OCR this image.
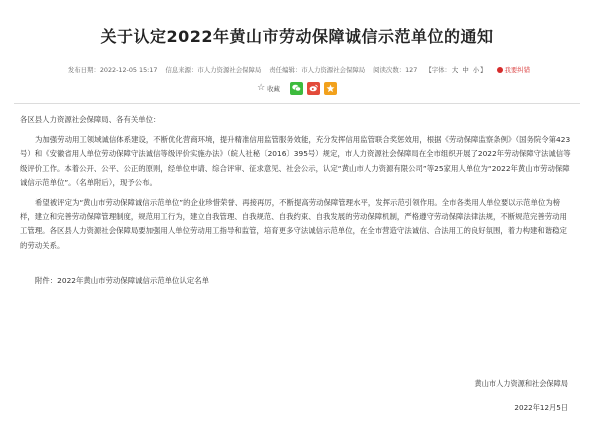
关于认定2022年黄山市劳动保障诚信示范单位的通知
发布日期：2022-12-05 15:17 信息来源：市人力资源社会保障局 责任编辑：市人力资源社会保障局 阅读次数：127 【字体：大 中 小】	我要纠错
☆ 收藏

各区县人力资源社会保障局、各有关单位：

为加强劳动用工领域诚信体系建设，不断优化营商环境，提升精准信用监管服务效能，充分发挥信用监管联合奖惩效用，根据《劳动保障监察条例》（国务院令第423号）和《安徽省用人单位劳动保障守法诚信等级评价实施办法》（皖人社秘〔2016〕395号）规定，市人力资源社会保障局在全市组织开展了2022年劳动保障守法诚信等级评价工作。本着公开、公平、公正的原则，经单位申请、综合评审、征求意见、社会公示，认定“黄山市人力资源有限公司”等25家用人单位为“2022年黄山市劳动保障诚信示范单位”。（名单附后），现予公布。

希望被评定为“黄山市劳动保障诚信示范单位”的企业珍惜荣誉、再接再厉，不断提高劳动保障管理水平，发挥示范引领作用。全市各类用人单位要以示范单位为榜样，建立和完善劳动保障管理制度，规范用工行为，建立自我管理、自我规范、自我约束、自我发展的劳动保障机制，严格遵守劳动保障法律法规，不断规范完善劳动用工管理。各区县人力资源社会保障局要加强用人单位劳动用工指导和监管，培育更多守法诚信示范单位，在全市营造守法诚信、合法用工的良好氛围，着力构建和谐稳定的劳动关系。

附件：2022年黄山市劳动保障诚信示范单位认定名单

黄山市人力资源和社会保障局
2022年12月5日
